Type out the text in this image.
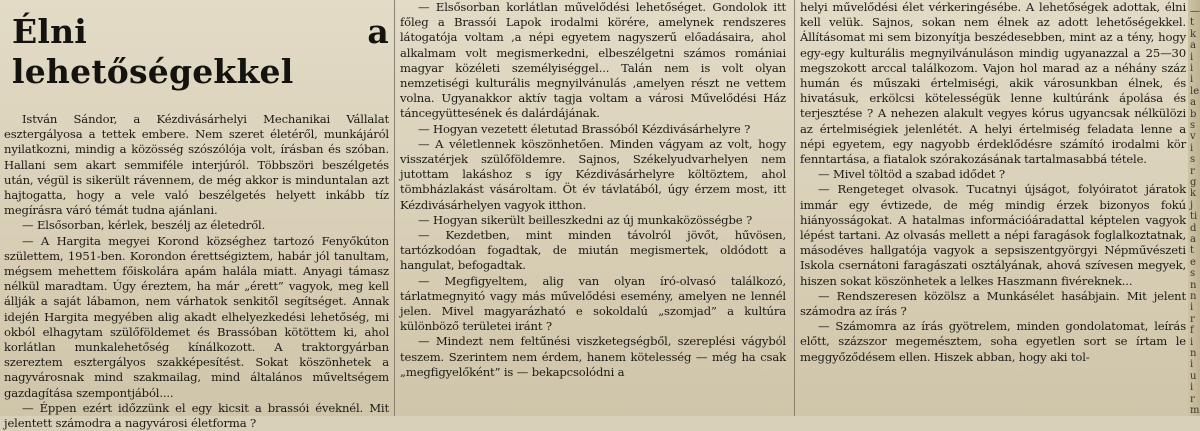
Élni a lehetőségekkel

István Sándor, a Kézdivásárhelyi Mechanikai Vállalat esztergályosa a tettek embere. Nem szeret életéről, munkájáról nyilatkozni, mindig a közösség szószólója volt, írásban és szóban. Hallani sem akart semmiféle interjúról. Többszöri beszélgetés után, végül is sikerült rávennem, de még akkor is minduntalan azt hajtogatta, hogy a vele való beszélgetés helyett inkább tíz megírásra váró témát tudna ajánlani.

— Elsősorban, kérlek, beszélj az életedről.

— A Hargita megyei Korond községhez tartozó Fenyőkúton születtem, 1951-ben. Korondon érettségiztem, habár jól tanultam, mégsem mehettem főiskolára apám halála miatt. Anyagi támasz nélkül maradtam. Úgy éreztem, ha már „érett” vagyok, meg kell állják a saját lábamon, nem várhatok senkitől segítséget. Annak idején Hargita megyében alig akadt elhelyezkedési lehetőség, mi okból elhagytam szülőföldemet és Brassóban kötöttem ki, ahol korlátlan munkalehetőség kínálkozott. A traktorgyárban szereztem esztergályos szakképesítést. Sokat köszönhetek a nagyvárosnak mind szakmailag, mind általános műveltségem gazdagítása szempontjából....

— Éppen ezért időzzünk el egy kicsit a brassói éveknél. Mit jelentett számodra a nagyvárosi életforma ?

— Elsősorban korlátlan művelődési lehetőséget. Gondolok itt főleg a Brassói Lapok irodalmi körére, amelynek rendszeres látogatója voltam ,a népi egyetem nagyszerű előadásaira, ahol alkalmam volt megismerkedni, elbeszélgetni számos romániai magyar közéleti személyiséggel... Talán nem is volt olyan nemzetiségi kulturális megnyilvánulás ,amelyen részt ne vettem volna. Ugyanakkor aktív tagja voltam a városi Művelődési Ház táncegyüttesének és dalárdájának.

— Hogyan vezetett életutad Brassóból Kézdivásárhelyre ?

— A véletlennek köszönhetően. Minden vágyam az volt, hogy visszatérjek szülőföldemre. Sajnos, Székelyudvarhelyen nem jutottam lakáshoz s így Kézdivásárhelyre költöztem, ahol tömbházlakást vásároltam. Öt év távlatából, úgy érzem most, itt Kézdivásárhelyen vagyok itthon.

— Hogyan sikerült beilleszkedni az új munkaközösségbe ?

— Kezdetben, mint minden távolról jövőt, hűvösen, tartózkodóan fogadtak, de miután megismertek, oldódott a hangulat, befogadtak.

— Megfigyeltem, alig van olyan író-olvasó találkozó, tárlatmegnyitó vagy más művelődési esemény, amelyen ne lennél jelen. Mivel magyarázható e sokoldalú „szomjad” a kultúra különböző területei iránt ?

— Mindezt nem feltűnési viszketegségből, szereplési vágyból teszem. Szerintem nem érdem, hanem kötelesség — még ha csak „megfigyelőként” is — bekapcsolódni a

helyi művelődési élet vérkeringésébe. A lehetőségek adottak, élni kell velük. Sajnos, sokan nem élnek az adott lehetőségekkel. Állításomat mi sem bizonyítja beszédesebben, mint az a tény, hogy egy-egy kulturális megnyilvánuláson mindig ugyanazzal a 25—30 megszokott arccal találkozom. Vajon hol marad az a néhány száz humán és műszaki értelmiségi, akik városunkban élnek, és hivatásuk, erkölcsi kötelességük lenne kultúránk ápolása és terjesztése ? A nehezen alakult vegyes kórus ugyancsak nélkülözi az értelmiségiek jelenlétét. A helyi értelmiség feladata lenne a népi egyetem, egy nagyobb érdeklődésre számító irodalmi kör fenntartása, a fiatalok szórakozásának tartalmasabbá tétele.

— Mivel töltöd a szabad idődet ?

— Rengeteget olvasok. Tucatnyi újságot, folyóiratot járatok immár egy évtizede, de még mindig érzek bizonyos fokú hiányosságokat. A hatalmas információáradattal képtelen vagyok lépést tartani. Az olvasás mellett a népi faragások foglalkoztatnak, másodéves hallgatója vagyok a sepsiszentgyörgyi Népművészeti Iskola csernátoni faragászati osztályának, ahová szívesen megyek, hiszen sokat köszönhetek a lelkes Haszmann fivéreknek...

— Rendszeresen közölsz a Munkásélet hasábjain. Mit jelent számodra az írás ?

— Számomra az írás gyötrelem, minden gondolatomat, leírás előtt, százszor megemésztem, soha egyetlen sort se írtam le meggyőződésem ellen. Hiszek abban, hogy aki tol-

—
t
k
a
i
i
i
le
a
b
s
v
i
s
r
g
k
j
ti
d
a
t
e
s
n
n
i
r
f
i
n
i
u
i
r
m
